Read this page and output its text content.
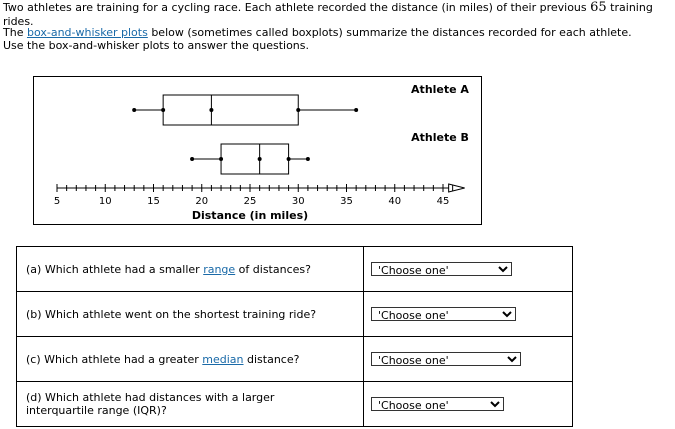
Two athletes are training for a cycling race. Each athlete recorded the distance (in miles) of their previous 65 training rides.
The box-and-whisker plots below (sometimes called boxplots) summarize the distances recorded for each athlete.
Use the box-and-whisker plots to answer the questions.
5	10	15	20	25	30	35	40	45
Distance (in miles)
Athlete A
Athlete B
(a) Which athlete had a smaller range of distances?

'Choose one'

(b) Which athlete went on the shortest training ride?

'Choose one'

(c) Which athlete had a greater median distance?

'Choose one'

(d) Which athlete had distances with a larger interquartile range (IQR)?

'Choose one'
